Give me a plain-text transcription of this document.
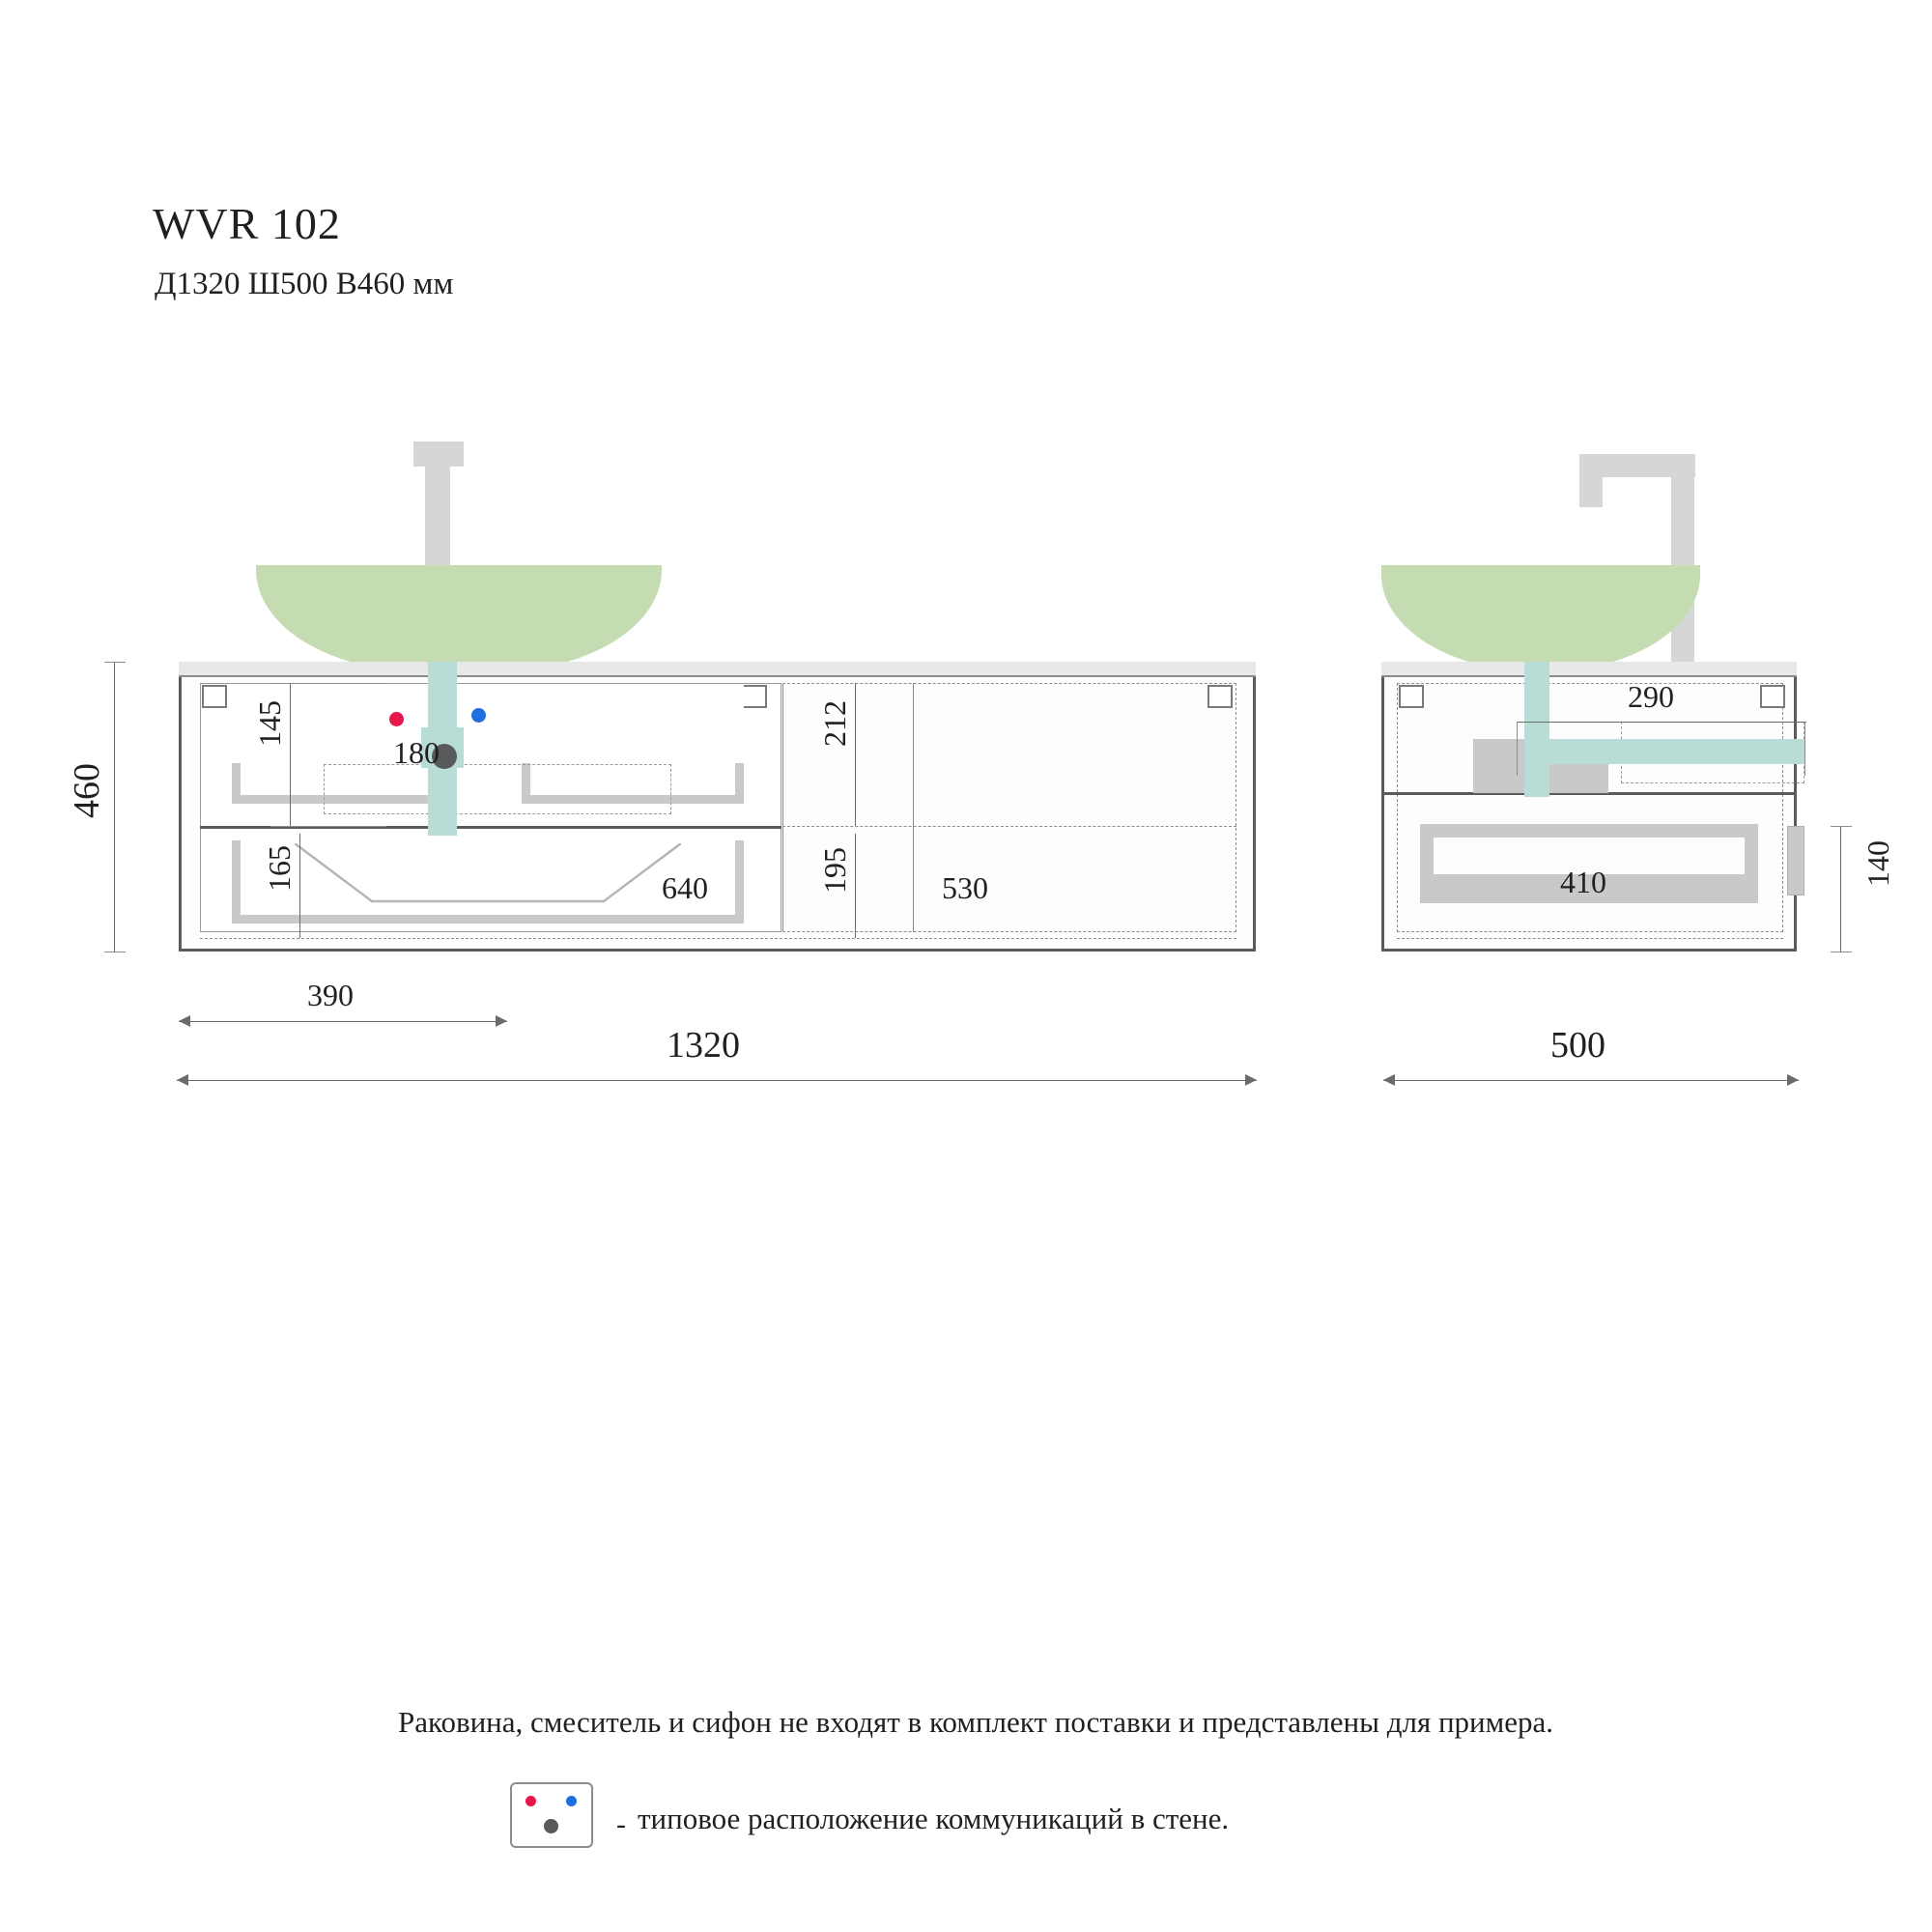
WVR 102
Д1320 Ш500 В460 мм
145
180
165	640
212
195	530
460
390
1320
290
410	140
500
Раковина, смеситель и сифон не входят в комплект поставки и представлены для примера.
- типовое расположение коммуникаций в стене.
